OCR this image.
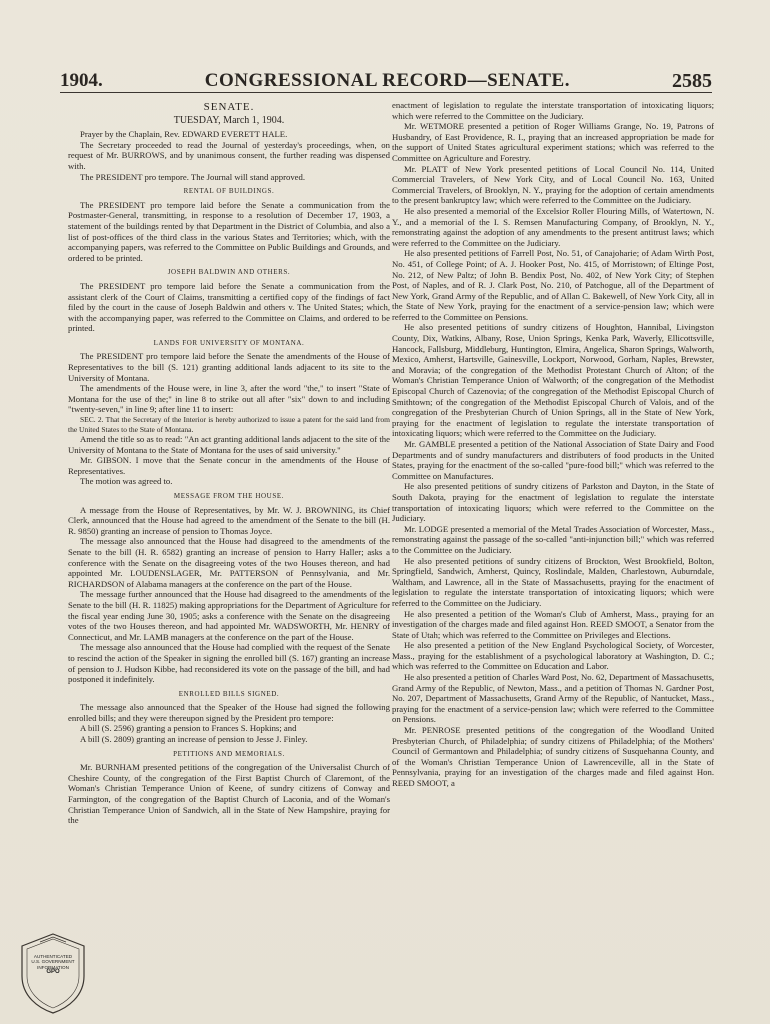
1904.	CONGRESSIONAL RECORD—SENATE.	2585

SENATE.

TUESDAY, March 1, 1904.

Prayer by the Chaplain, Rev. EDWARD EVERETT HALE.

The Secretary proceeded to read the Journal of yesterday's proceedings, when, on request of Mr. BURROWS, and by unanimous consent, the further reading was dispensed with.

The PRESIDENT pro tempore. The Journal will stand approved.

RENTAL OF BUILDINGS.

The PRESIDENT pro tempore laid before the Senate a communication from the Postmaster-General, transmitting, in response to a resolution of December 17, 1903, a statement of the buildings rented by that Department in the District of Columbia, and also a list of post-offices of the third class in the various States and Territories; which, with the accompanying papers, was referred to the Committee on Public Buildings and Grounds, and ordered to be printed.

JOSEPH BALDWIN AND OTHERS.

The PRESIDENT pro tempore laid before the Senate a communication from the assistant clerk of the Court of Claims, transmitting a certified copy of the findings of fact filed by the court in the cause of Joseph Baldwin and others v. The United States; which, with the accompanying paper, was referred to the Committee on Claims, and ordered to be printed.

LANDS FOR UNIVERSITY OF MONTANA.

The PRESIDENT pro tempore laid before the Senate the amendments of the House of Representatives to the bill (S. 121) granting additional lands adjacent to its site to the University of Montana.

The amendments of the House were, in line 3, after the word "the," to insert "State of Montana for the use of the;" in line 8 to strike out all after "six" down to and including "twenty-seven," in line 9; after line 11 to insert:

SEC. 2. That the Secretary of the Interior is hereby authorized to issue a patent for the said land from the United States to the State of Montana.

Amend the title so as to read: "An act granting additional lands adjacent to the site of the University of Montana to the State of Montana for the uses of said university."

Mr. GIBSON. I move that the Senate concur in the amendments of the House of Representatives.

The motion was agreed to.

MESSAGE FROM THE HOUSE.

A message from the House of Representatives, by Mr. W. J. BROWNING, its Chief Clerk, announced that the House had agreed to the amendment of the Senate to the bill (H. R. 9850) granting an increase of pension to Thomas Joyce.

The message also announced that the House had disagreed to the amendments of the Senate to the bill (H. R. 6582) granting an increase of pension to Harry Haller; asks a conference with the Senate on the disagreeing votes of the two Houses thereon, and had appointed Mr. LOUDENSLAGER, Mr. PATTERSON of Pennsylvania, and Mr. RICHARDSON of Alabama managers at the conference on the part of the House.

The message further announced that the House had disagreed to the amendments of the Senate to the bill (H. R. 11825) making appropriations for the Department of Agriculture for the fiscal year ending June 30, 1905; asks a conference with the Senate on the disagreeing votes of the two Houses thereon, and had appointed Mr. WADSWORTH, Mr. HENRY of Connecticut, and Mr. LAMB managers at the conference on the part of the House.

The message also announced that the House had complied with the request of the Senate to rescind the action of the Speaker in signing the enrolled bill (S. 167) granting an increase of pension to J. Hudson Kibbe, had reconsidered its vote on the passage of the bill, and had postponed it indefinitely.

ENROLLED BILLS SIGNED.

The message also announced that the Speaker of the House had signed the following enrolled bills; and they were thereupon signed by the President pro tempore:

A bill (S. 2596) granting a pension to Frances S. Hopkins; and

A bill (S. 2809) granting an increase of pension to Jesse J. Finley.

PETITIONS AND MEMORIALS.

Mr. BURNHAM presented petitions of the congregation of the Universalist Church of Cheshire County, of the congregation of the First Baptist Church of Claremont, of the Woman's Christian Temperance Union of Keene, of sundry citizens of Conway and Farmington, of the congregation of the Baptist Church of Laconia, and of the Woman's Christian Temperance Union of Sandwich, all in the State of New Hampshire, praying for the

enactment of legislation to regulate the interstate transportation of intoxicating liquors; which were referred to the Committee on the Judiciary.

Mr. WETMORE presented a petition of Roger Williams Grange, No. 19, Patrons of Husbandry, of East Providence, R. I., praying that an increased appropriation be made for the support of United States agricultural experiment stations; which was referred to the Committee on Agriculture and Forestry.

Mr. PLATT of New York presented petitions of Local Council No. 114, United Commercial Travelers, of New York City, and of Local Council No. 163, United Commercial Travelers, of Brooklyn, N. Y., praying for the adoption of certain amendments to the present bankruptcy law; which were referred to the Committee on the Judiciary.

He also presented a memorial of the Excelsior Roller Flouring Mills, of Watertown, N. Y., and a memorial of the I. S. Remsen Manufacturing Company, of Brooklyn, N. Y., remonstrating against the adoption of any amendments to the present antitrust laws; which were referred to the Committee on the Judiciary.

He also presented petitions of Farrell Post, No. 51, of Canajoharie; of Adam Wirth Post, No. 451, of College Point; of A. J. Hooker Post, No. 415, of Morristown; of Eltinge Post, No. 212, of New Paltz; of John B. Bendix Post, No. 402, of New York City; of Stephen Post, of Naples, and of R. J. Clark Post, No. 210, of Patchogue, all of the Department of New York, Grand Army of the Republic, and of Allan C. Bakewell, of New York City, all in the State of New York, praying for the enactment of a service-pension law; which were referred to the Committee on Pensions.

He also presented petitions of sundry citizens of Houghton, Hannibal, Livingston County, Dix, Watkins, Albany, Rose, Union Springs, Kenka Park, Waverly, Ellicottsville, Hancock, Fallsburg, Middleburg, Huntington, Elmira, Angelica, Sharon Springs, Walworth, Mexico, Amherst, Hartsville, Gainesville, Lockport, Norwood, Gorham, Naples, Brewster, and Moravia; of the congregation of the Methodist Protestant Church of Alton; of the Woman's Christian Temperance Union of Walworth; of the congregation of the Methodist Episcopal Church of Cazenovia; of the congregation of the Methodist Episcopal Church of Smithtown; of the congregation of the Methodist Episcopal Church of Valois, and of the congregation of the Presbyterian Church of Union Springs, all in the State of New York, praying for the enactment of legislation to regulate the interstate transportation of intoxicating liquors; which were referred to the Committee on the Judiciary.

Mr. GAMBLE presented a petition of the National Association of State Dairy and Food Departments and of sundry manufacturers and distributers of food products in the United States, praying for the enactment of the so-called "pure-food bill;" which was referred to the Committee on Manufactures.

He also presented petitions of sundry citizens of Parkston and Dayton, in the State of South Dakota, praying for the enactment of legislation to regulate the interstate transportation of intoxicating liquors; which were referred to the Committee on the Judiciary.

Mr. LODGE presented a memorial of the Metal Trades Association of Worcester, Mass., remonstrating against the passage of the so-called "anti-injunction bill;" which was referred to the Committee on the Judiciary.

He also presented petitions of sundry citizens of Brockton, West Brookfield, Bolton, Springfield, Sandwich, Amherst, Quincy, Roslindale, Malden, Charlestown, Auburndale, Waltham, and Lawrence, all in the State of Massachusetts, praying for the enactment of legislation to regulate the interstate transportation of intoxicating liquors; which were referred to the Committee on the Judiciary.

He also presented a petition of the Woman's Club of Amherst, Mass., praying for an investigation of the charges made and filed against Hon. REED SMOOT, a Senator from the State of Utah; which was referred to the Committee on Privileges and Elections.

He also presented a petition of the New England Psychological Society, of Worcester, Mass., praying for the establishment of a psychological laboratory at Washington, D. C.; which was referred to the Committee on Education and Labor.

He also presented a petition of Charles Ward Post, No. 62, Department of Massachusetts, Grand Army of the Republic, of Newton, Mass., and a petition of Thomas N. Gardner Post, No. 207, Department of Massachusetts, Grand Army of the Republic, of Nantucket, Mass., praying for the enactment of a service-pension law; which were referred to the Committee on Pensions.

Mr. PENROSE presented petitions of the congregation of the Woodland United Presbyterian Church, of Philadelphia; of sundry citizens of Philadelphia; of the Mothers' Council of Germantown and Philadelphia; of sundry citizens of Susquehanna County, and of the Woman's Christian Temperance Union of Lawrenceville, all in the State of Pennsylvania, praying for an investigation of the charges made and filed against Hon. REED SMOOT, a

AUTHENTICATED
U.S. GOVERNMENT
INFORMATION
GPO
